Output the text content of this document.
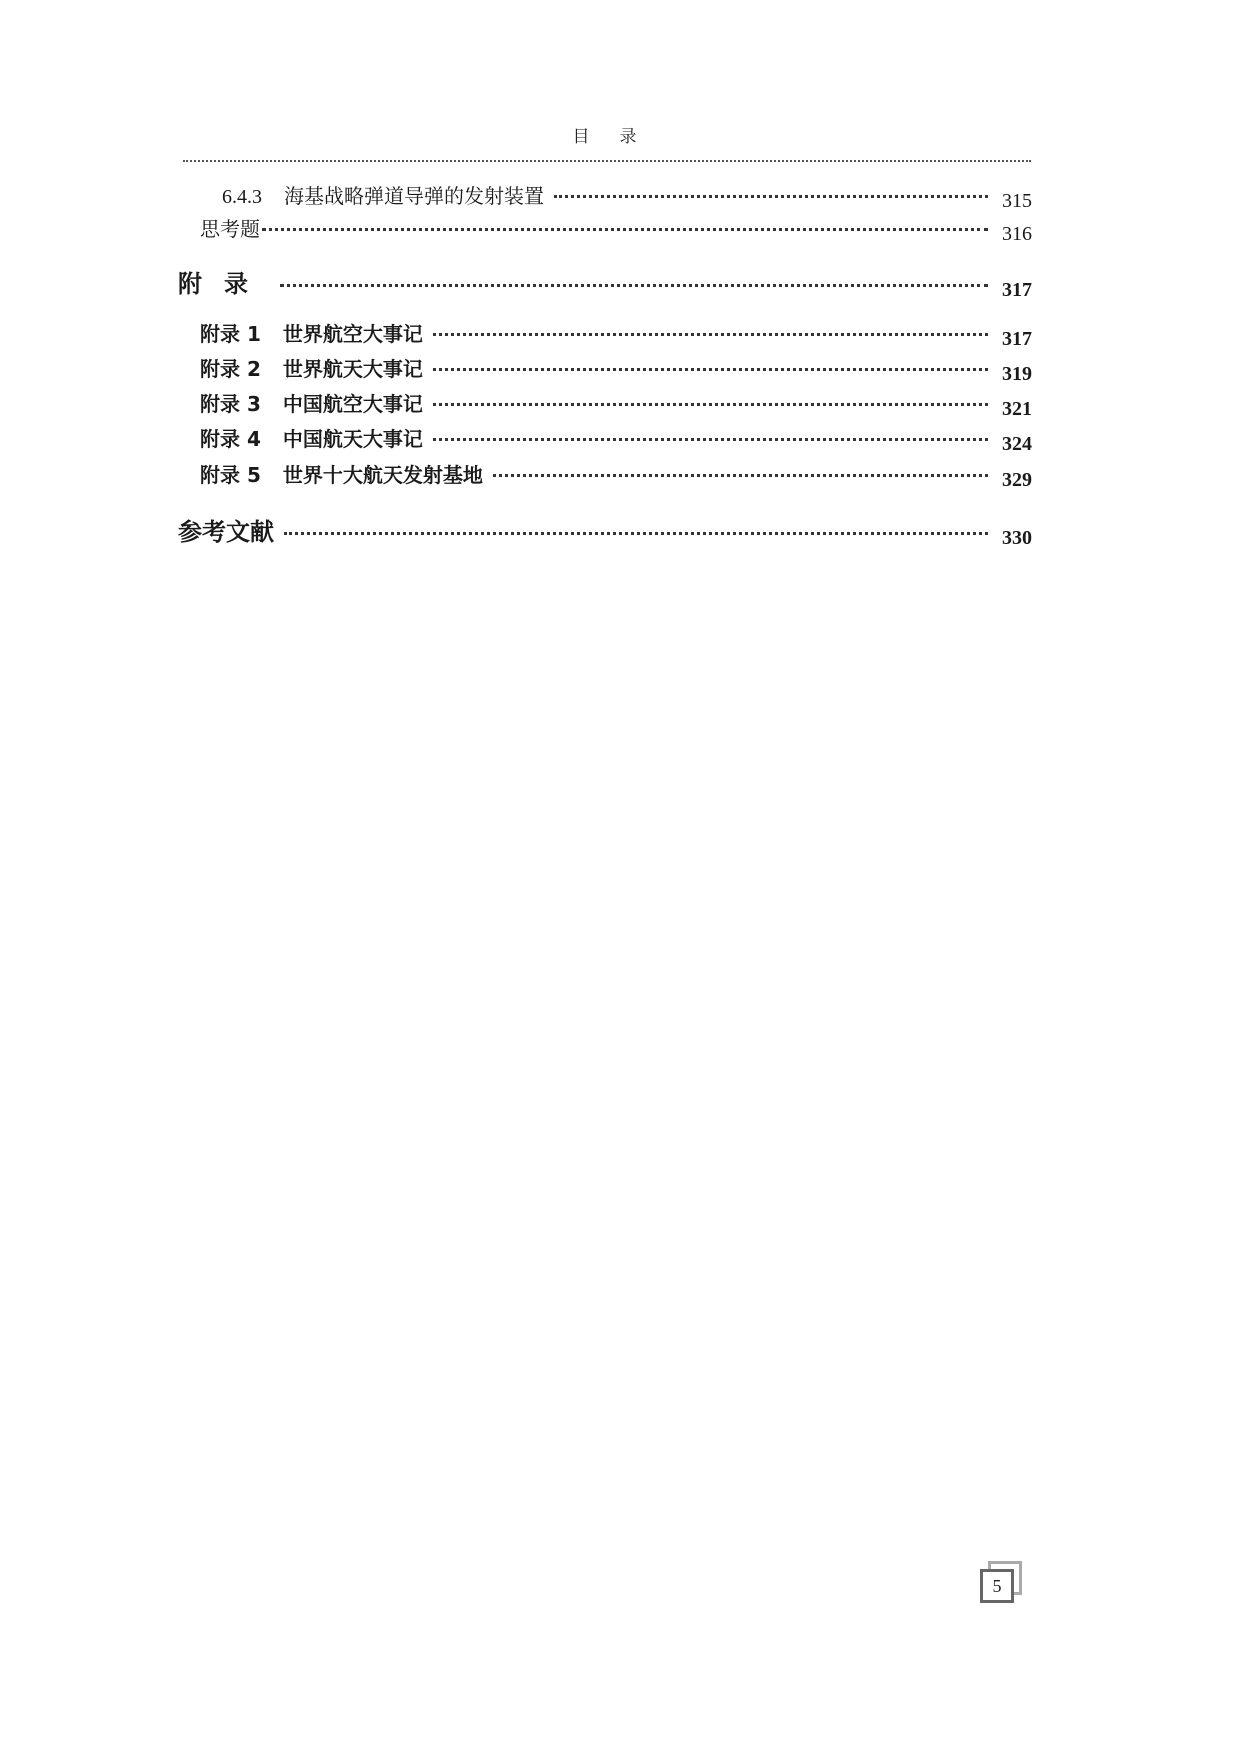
目录
6.4.3 海基战略弹道导弹的发射装置	315
思考题	316
附录	317
附录 1 世界航空大事记	317
附录 2 世界航天大事记	319
附录 3 中国航空大事记	321
附录 4 中国航天大事记	324
附录 5 世界十大航天发射基地	329
参考文献	330
5
